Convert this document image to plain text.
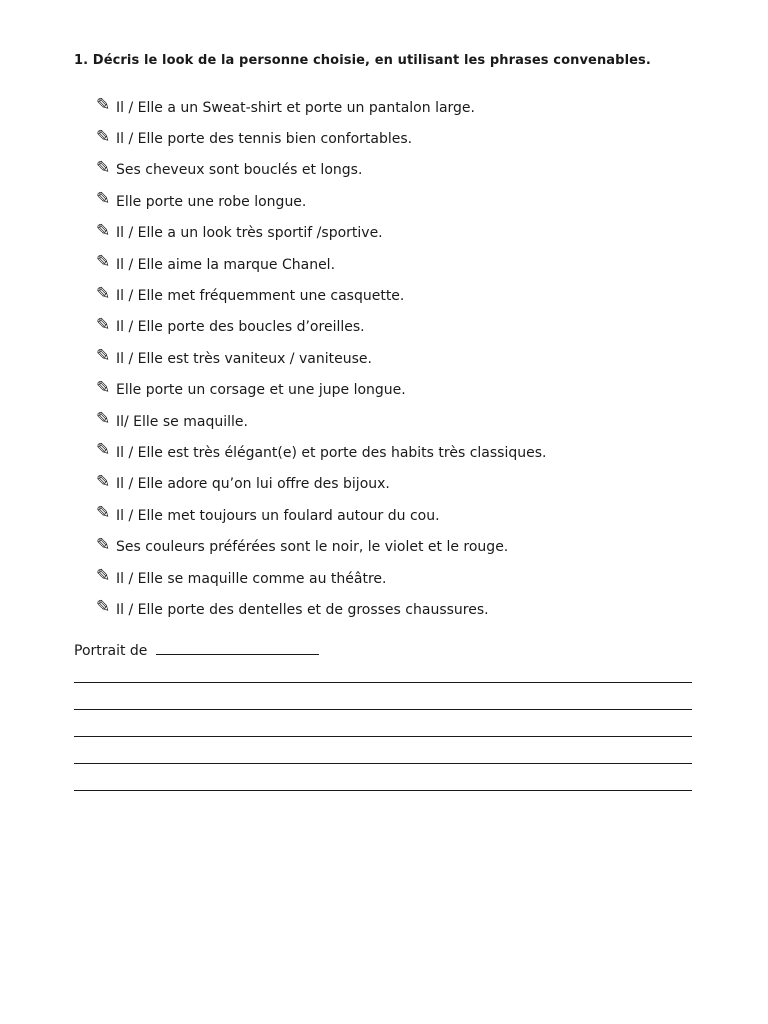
1. Décris le look de la personne choisie, en utilisant les phrases convenables.
✎ Il / Elle a un Sweat-shirt et porte un pantalon large.
✎ Il / Elle porte des tennis bien confortables.
✎ Ses cheveux sont bouclés et longs.
✎ Elle porte une robe longue.
✎ Il / Elle a un look très sportif /sportive.
✎ Il / Elle aime la marque Chanel.
✎ Il / Elle met fréquemment une casquette.
✎ Il / Elle porte des boucles d’oreilles.
✎ Il / Elle est très vaniteux / vaniteuse.
✎ Elle porte un corsage et une jupe longue.
✎ Il/ Elle se maquille.
✎ Il / Elle est très élégant(e) et porte des habits très classiques.
✎ Il / Elle adore qu’on lui offre des bijoux.
✎ Il / Elle met toujours un foulard autour du cou.
✎ Ses couleurs préférées sont le noir, le violet et le rouge.
✎ Il / Elle se maquille comme au théâtre.
✎ Il / Elle porte des dentelles et de grosses chaussures.
Portrait de
